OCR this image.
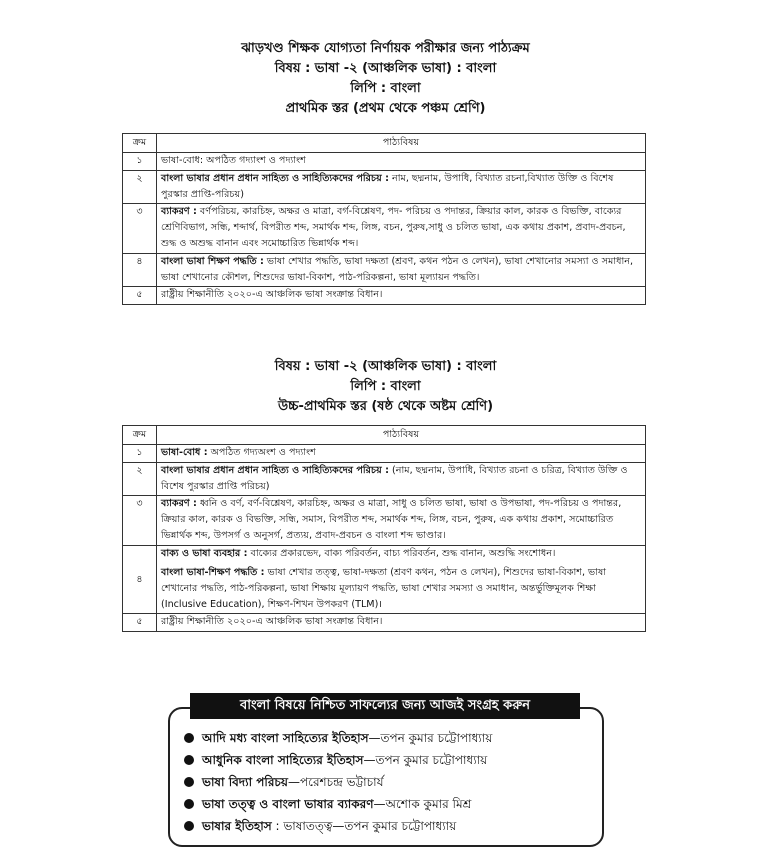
ঝাড়খণ্ড শিক্ষক যোগ্যতা নির্ণায়ক পরীক্ষার জন্য পাঠ্যক্রম
বিষয় : ভাষা -২ (আঞ্চলিক ভাষা) : বাংলা
লিপি : বাংলা
প্রাথমিক স্তর (প্রথম থেকে পঞ্চম শ্রেণি)
ক্রম	পাঠ্যবিষয়
১	ভাষা-বোধ: অপঠিত গদ্যাংশ ও পদ্যাংশ
২	বাংলা ভাষার প্রধান প্রধান সাহিত্য ও সাহিত্যিকদের পরিচয় : নাম, ছদ্মনাম, উপাধি, বিখ্যাত রচনা,বিখ্যাত উক্তি ও বিশেষ পুরস্কার প্রাপ্তি-পরিচয়)
৩	ব্যাকরণ : বর্ণপরিচয়, কারচিহ্ন, অক্ষর ও মাত্রা, বর্গ-বিশ্লেষণ, পদ- পরিচয় ও পদান্তর, ক্রিয়ার কাল, কারক ও বিভক্তি, বাক্যের শ্রেণিবিভাগ, সন্ধি, শব্দার্থ, বিপরীত শব্দ, সমার্থক শব্দ, লিঙ্গ, বচন, পুরুষ,সাধু ও চলিত ভাষা, এক কথায় প্রকাশ, প্রবাদ-প্রবচন, শুদ্ধ ও অশুদ্ধ বানান এবং সমোচ্চারিত ভিন্নার্থক শব্দ।
৪	বাংলা ভাষা শিক্ষণ পদ্ধতি : ভাষা শেখার পদ্ধতি, ভাষা দক্ষতা (শ্রবণ, কথন পঠন ও লেখন), ভাষা শেখানোর সমস্যা ও সমাধান, ভাষা শেখানোর কৌশল, শিশুদের ভাষা-বিকাশ, পাঠ-পরিকল্পনা, ভাষা মূল্যায়ন পদ্ধতি।
৫	রাষ্ট্রীয় শিক্ষানীতি ২০২০-এ আঞ্চলিক ভাষা সংক্রান্ত বিধান।
বিষয় : ভাষা -২ (আঞ্চলিক ভাষা) : বাংলা
লিপি : বাংলা
উচ্চ-প্রাথমিক স্তর (ষষ্ঠ থেকে অষ্টম শ্রেণি)
ক্রম	পাঠ্যবিষয়
১	ভাষা-বোধ : অপঠিত গদ্যঅংশ ও পদ্যাংশ
২	বাংলা ভাষার প্রধান প্রধান সাহিত্য ও সাহিত্যিকদের পরিচয় : (নাম, ছদ্মনাম, উপাধি, বিখ্যাত রচনা ও চরিত্র, বিখ্যাত উক্তি ও বিশেষ পুরস্কার প্রাপ্তি পরিচয়)
৩	ব্যাকরণ : ধ্বনি ও বর্ণ, বর্ণ-বিশ্লেষণ, কারচিহ্ন, অক্ষর ও মাত্রা, সাধু ও চলিত ভাষা, ভাষা ও উপভাষা, পদ-পরিচয় ও পদান্তর, ক্রিয়ার কাল, কারক ও বিভক্তি, সন্ধি, সমাস, বিপরীত শব্দ, সমার্থক শব্দ, লিঙ্গ, বচন, পুরুষ, এক কথায় প্রকাশ, সমোচ্চারিত ভিন্নার্থক শব্দ, উপসর্গ ও অনুসর্গ, প্রত্যয়, প্রবাদ-প্রবচন ও বাংলা শব্দ ভাণ্ডার।
৪	বাক্য ও ভাষা ব্যবহার : বাক্যের প্রকারভেদ, বাক্য পরিবর্তন, বাচ্য পরিবর্তন, শুদ্ধ বানান, অশুদ্ধি সংশোধন।
বাংলা ভাষা-শিক্ষণ পদ্ধতি : ভাষা শেখার তত্ত্ব, ভাষা-দক্ষতা (শ্রবণ কথন, পঠন ও লেখন), শিশুদের ভাষা-বিকাশ, ভাষা শেখানোর পদ্ধতি, পাঠ-পরিকল্পনা, ভাষা শিক্ষায় মূল্যায়ণ পদ্ধতি, ভাষা শেখার সমস্যা ও সমাধান, অন্তর্ভুক্তিমূলক শিক্ষা (Inclusive Education), শিক্ষণ-শিখন উপকরণ (TLM)।

৫	রাষ্ট্রীয় শিক্ষানীতি ২০২০-এ আঞ্চলিক ভাষা সংক্রান্ত বিধান।
আদি মধ্য বাংলা সাহিত্যের ইতিহাস—তপন কুমার চট্টোপাধ্যায়
আধুনিক বাংলা সাহিত্যের ইতিহাস—তপন কুমার চট্টোপাধ্যায়
ভাষা বিদ্যা পরিচয়—পরেশচন্দ্র ভট্টাচার্য
ভাষা তত্ত্ব ও বাংলা ভাষার ব্যাকরণ—অশোক কুমার মিশ্র
ভাষার ইতিহাস : ভাষাতত্ত্ব—তপন কুমার চট্টোপাধ্যায়
বাংলা বিষয়ে নিশ্চিত সাফল্যের জন্য আজই সংগ্রহ করুন
